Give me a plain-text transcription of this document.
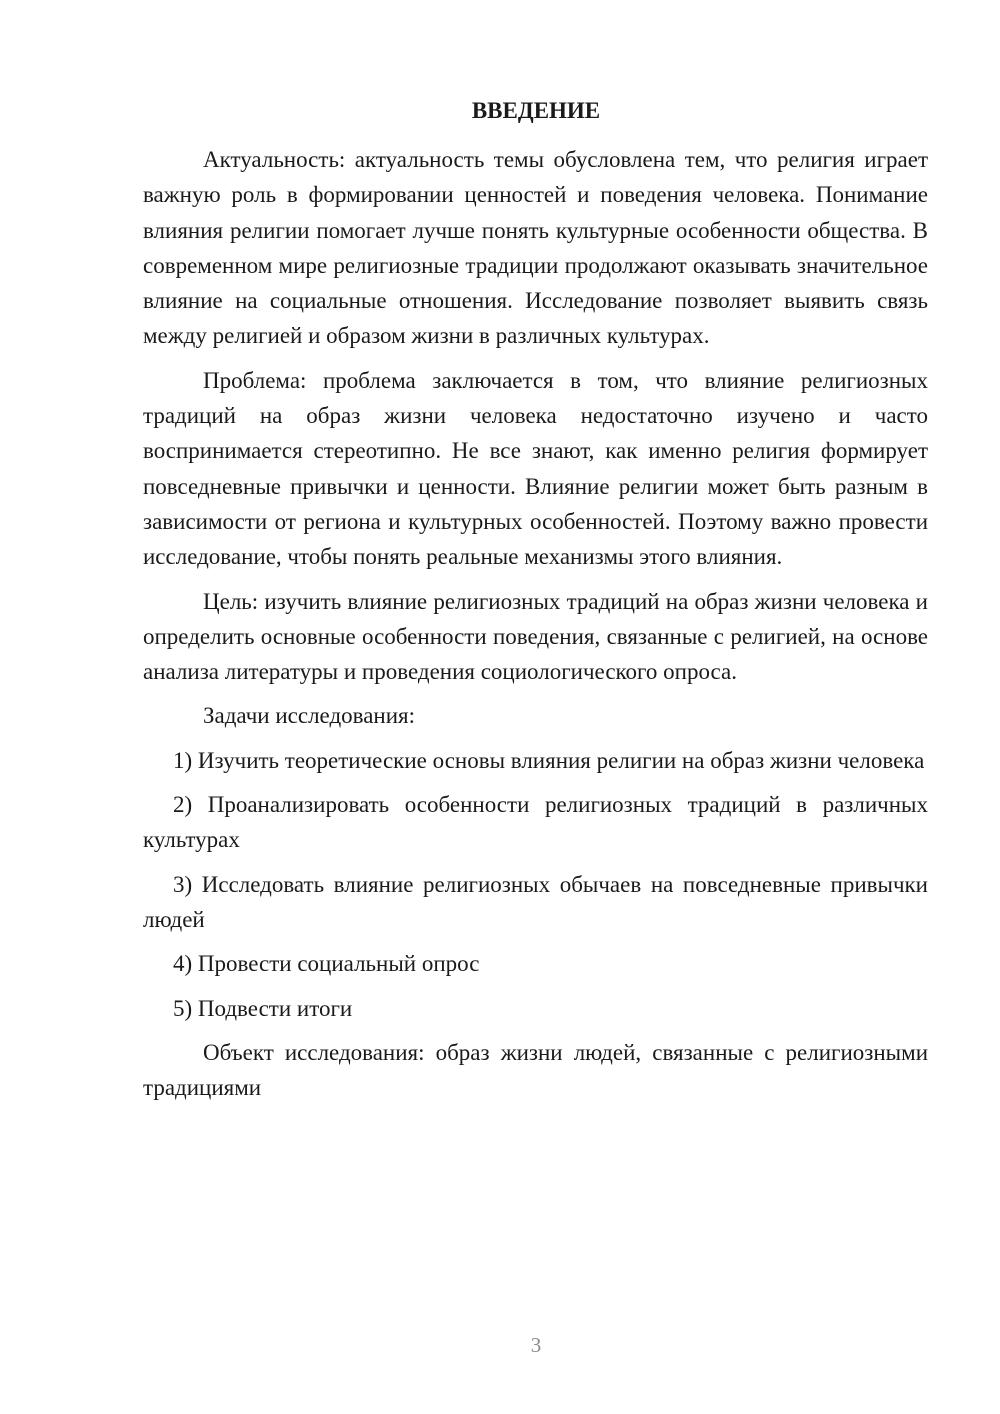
ВВЕДЕНИЕ

Актуальность: актуальность темы обусловлена тем, что религия играет важную роль в формировании ценностей и поведения человека. Понимание влияния религии помогает лучше понять культурные особенности общества. В современном мире религиозные традиции продолжают оказывать значительное влияние на социальные отношения. Исследование позволяет выявить связь между религией и образом жизни в различных культурах.

Проблема: проблема заключается в том, что влияние религиозных традиций на образ жизни человека недостаточно изучено и часто воспринимается стереотипно. Не все знают, как именно религия формирует повседневные привычки и ценности. Влияние религии может быть разным в зависимости от региона и культурных особенностей. Поэтому важно провести исследование, чтобы понять реальные механизмы этого влияния.

Цель: изучить влияние религиозных традиций на образ жизни человека и определить основные особенности поведения, связанные с религией, на основе анализа литературы и проведения социологического опроса.

Задачи исследования:

1) Изучить теоретические основы влияния религии на образ жизни человека

2) Проанализировать особенности религиозных традиций в различных культурах

3) Исследовать влияние религиозных обычаев на повседневные привычки людей

4) Провести социальный опрос

5) Подвести итоги

Объект исследования: образ жизни людей, связанные с религиозными традициями

3
